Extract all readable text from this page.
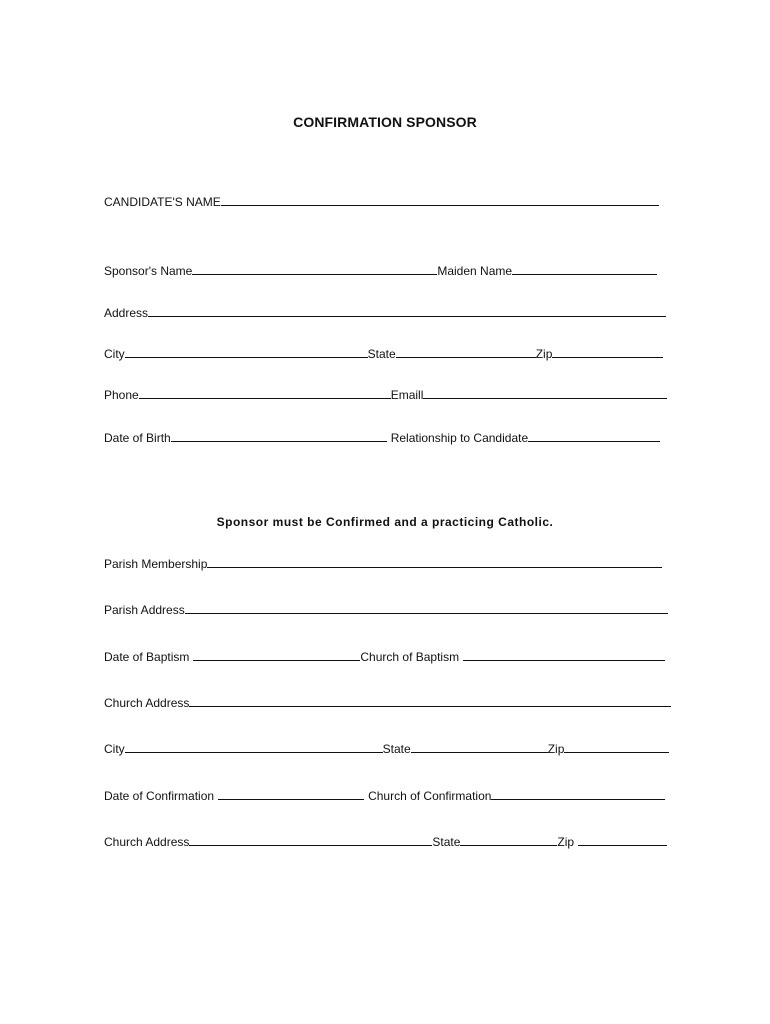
CONFIRMATION SPONSOR
CANDIDATE'S NAME
Sponsor's Name	Maiden Name
Address
City	State	Zip
Phone	Emaill
Date of Birth	Relationship to Candidate
Sponsor must be Confirmed and a practicing Catholic.
Parish Membership
Parish Address
Date of Baptism	Church of Baptism
Church Address
City	State	Zip
Date of Confirmation	Church of Confirmation
Church Address	State	Zip
